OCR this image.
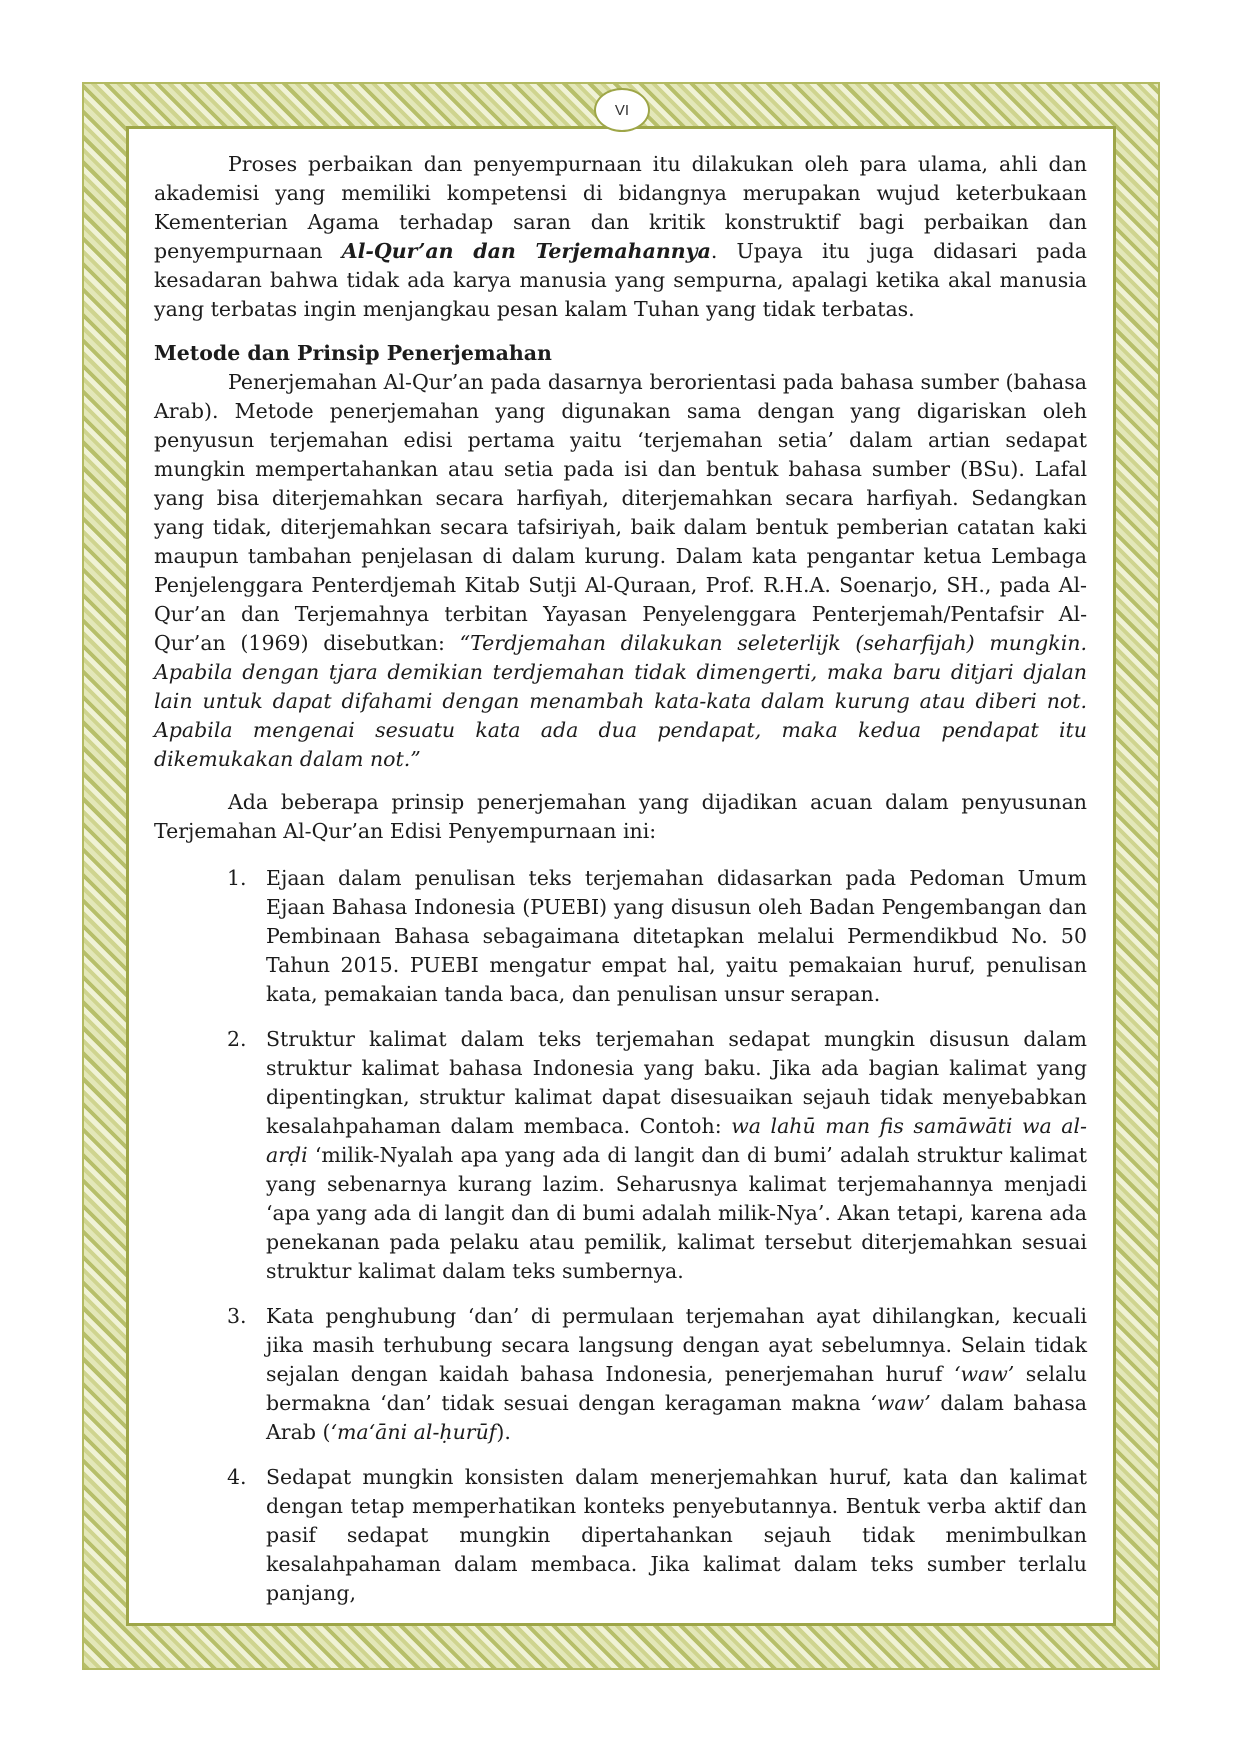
VI

Proses perbaikan dan penyempurnaan itu dilakukan oleh para ulama, ahli dan akademisi yang memiliki kompetensi di bidangnya merupakan wujud keterbukaan Kementerian Agama terhadap saran dan kritik konstruktif bagi perbaikan dan penyempurnaan Al-Qur’an dan Terjemahannya. Upaya itu juga didasari pada kesadaran bahwa tidak ada karya manusia yang sempurna, apalagi ketika akal manusia yang terbatas ingin menjangkau pesan kalam Tuhan yang tidak terbatas.

Metode dan Prinsip Penerjemahan

Penerjemahan Al-Qur’an pada dasarnya berorientasi pada bahasa sumber (bahasa Arab). Metode penerjemahan yang digunakan sama dengan yang digariskan oleh penyusun terjemahan edisi pertama yaitu ‘terjemahan setia’ dalam artian sedapat mungkin mempertahankan atau setia pada isi dan bentuk bahasa sumber (BSu). Lafal yang bisa diterjemahkan secara harfiyah, diterjemahkan secara harfiyah. Sedangkan yang tidak, diterjemahkan secara tafsiriyah, baik dalam bentuk pemberian catatan kaki maupun tambahan penjelasan di dalam kurung. Dalam kata pengantar ketua Lembaga Penjelenggara Penterdjemah Kitab Sutji Al-Quraan, Prof. R.H.A. Soenarjo, SH., pada Al-Qur’an dan Terjemahnya terbitan Yayasan Penyelenggara Penterjemah/Pentafsir Al-Qur’an (1969) disebutkan: “Terdjemahan dilakukan seleterlijk (seharfijah) mungkin. Apabila dengan tjara demikian terdjemahan tidak dimengerti, maka baru ditjari djalan lain untuk dapat difahami dengan menambah kata-kata dalam kurung atau diberi not. Apabila mengenai sesuatu kata ada dua pendapat, maka kedua pendapat itu dikemukakan dalam not.”

Ada beberapa prinsip penerjemahan yang dijadikan acuan dalam penyusunan Terjemahan Al-Qur’an Edisi Penyempurnaan ini:

1. Ejaan dalam penulisan teks terjemahan didasarkan pada Pedoman Umum Ejaan Bahasa Indonesia (PUEBI) yang disusun oleh Badan Pengembangan dan Pembinaan Bahasa sebagaimana ditetapkan melalui Permendikbud No. 50 Tahun 2015. PUEBI mengatur empat hal, yaitu pemakaian huruf, penulisan kata, pemakaian tanda baca, dan penulisan unsur serapan.
2. Struktur kalimat dalam teks terjemahan sedapat mungkin disusun dalam struktur kalimat bahasa Indonesia yang baku. Jika ada bagian kalimat yang dipentingkan, struktur kalimat dapat disesuaikan sejauh tidak menyebabkan kesalahpahaman dalam membaca. Contoh: wa lahū man fis samāwāti wa al-arḍi ‘milik-Nyalah apa yang ada di langit dan di bumi’ adalah struktur kalimat yang sebenarnya kurang lazim. Seharusnya kalimat terjemahannya menjadi ‘apa yang ada di langit dan di bumi adalah milik-Nya’. Akan tetapi, karena ada penekanan pada pelaku atau pemilik, kalimat tersebut diterjemahkan sesuai struktur kalimat dalam teks sumbernya.
3. Kata penghubung ‘dan’ di permulaan terjemahan ayat dihilangkan, kecuali jika masih terhubung secara langsung dengan ayat sebelumnya. Selain tidak sejalan dengan kaidah bahasa Indonesia, penerjemahan huruf ‘waw’ selalu bermakna ‘dan’ tidak sesuai dengan keragaman makna ‘waw’ dalam bahasa Arab (‘ma‘āni al-ḥurūf).
4. Sedapat mungkin konsisten dalam menerjemahkan huruf, kata dan kalimat dengan tetap memperhatikan konteks penyebutannya. Bentuk verba aktif dan pasif sedapat mungkin dipertahankan sejauh tidak menimbulkan kesalahpahaman dalam membaca. Jika kalimat dalam teks sumber terlalu panjang,
